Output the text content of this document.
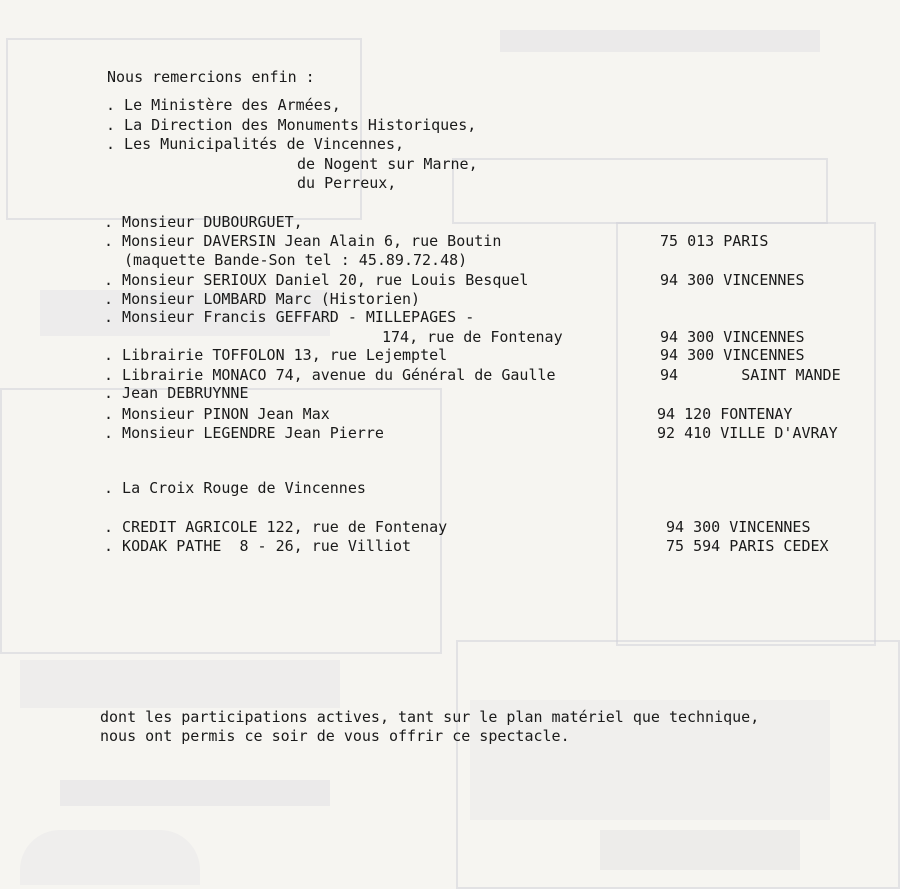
Nous remercions enfin :
. Le Ministère des Armées,
. La Direction des Monuments Historiques,
. Les Municipalités de Vincennes,
de Nogent sur Marne,
du Perreux,
. Monsieur DUBOURGUET,
. Monsieur DAVERSIN Jean Alain 6, rue Boutin
(maquette Bande-Son tel : 45.89.72.48)
. Monsieur SERIOUX Daniel 20, rue Louis Besquel
. Monsieur LOMBARD Marc (Historien)
. Monsieur Francis GEFFARD - MILLEPAGES -
174, rue de Fontenay
. Librairie TOFFOLON 13, rue Lejemptel
. Librairie MONACO 74, avenue du Général de Gaulle
. Jean DEBRUYNNE
. Monsieur PINON Jean Max
. Monsieur LEGENDRE Jean Pierre
. La Croix Rouge de Vincennes
. CREDIT AGRICOLE 122, rue de Fontenay
. KODAK PATHE  8 - 26, rue Villiot
75 013 PARIS
94 300 VINCENNES
94 300 VINCENNES
94 300 VINCENNES
94       SAINT MANDE
94 120 FONTENAY
92 410 VILLE D'AVRAY
94 300 VINCENNES
75 594 PARIS CEDEX
dont les participations actives, tant sur le plan matériel que technique,
nous ont permis ce soir de vous offrir ce spectacle.
